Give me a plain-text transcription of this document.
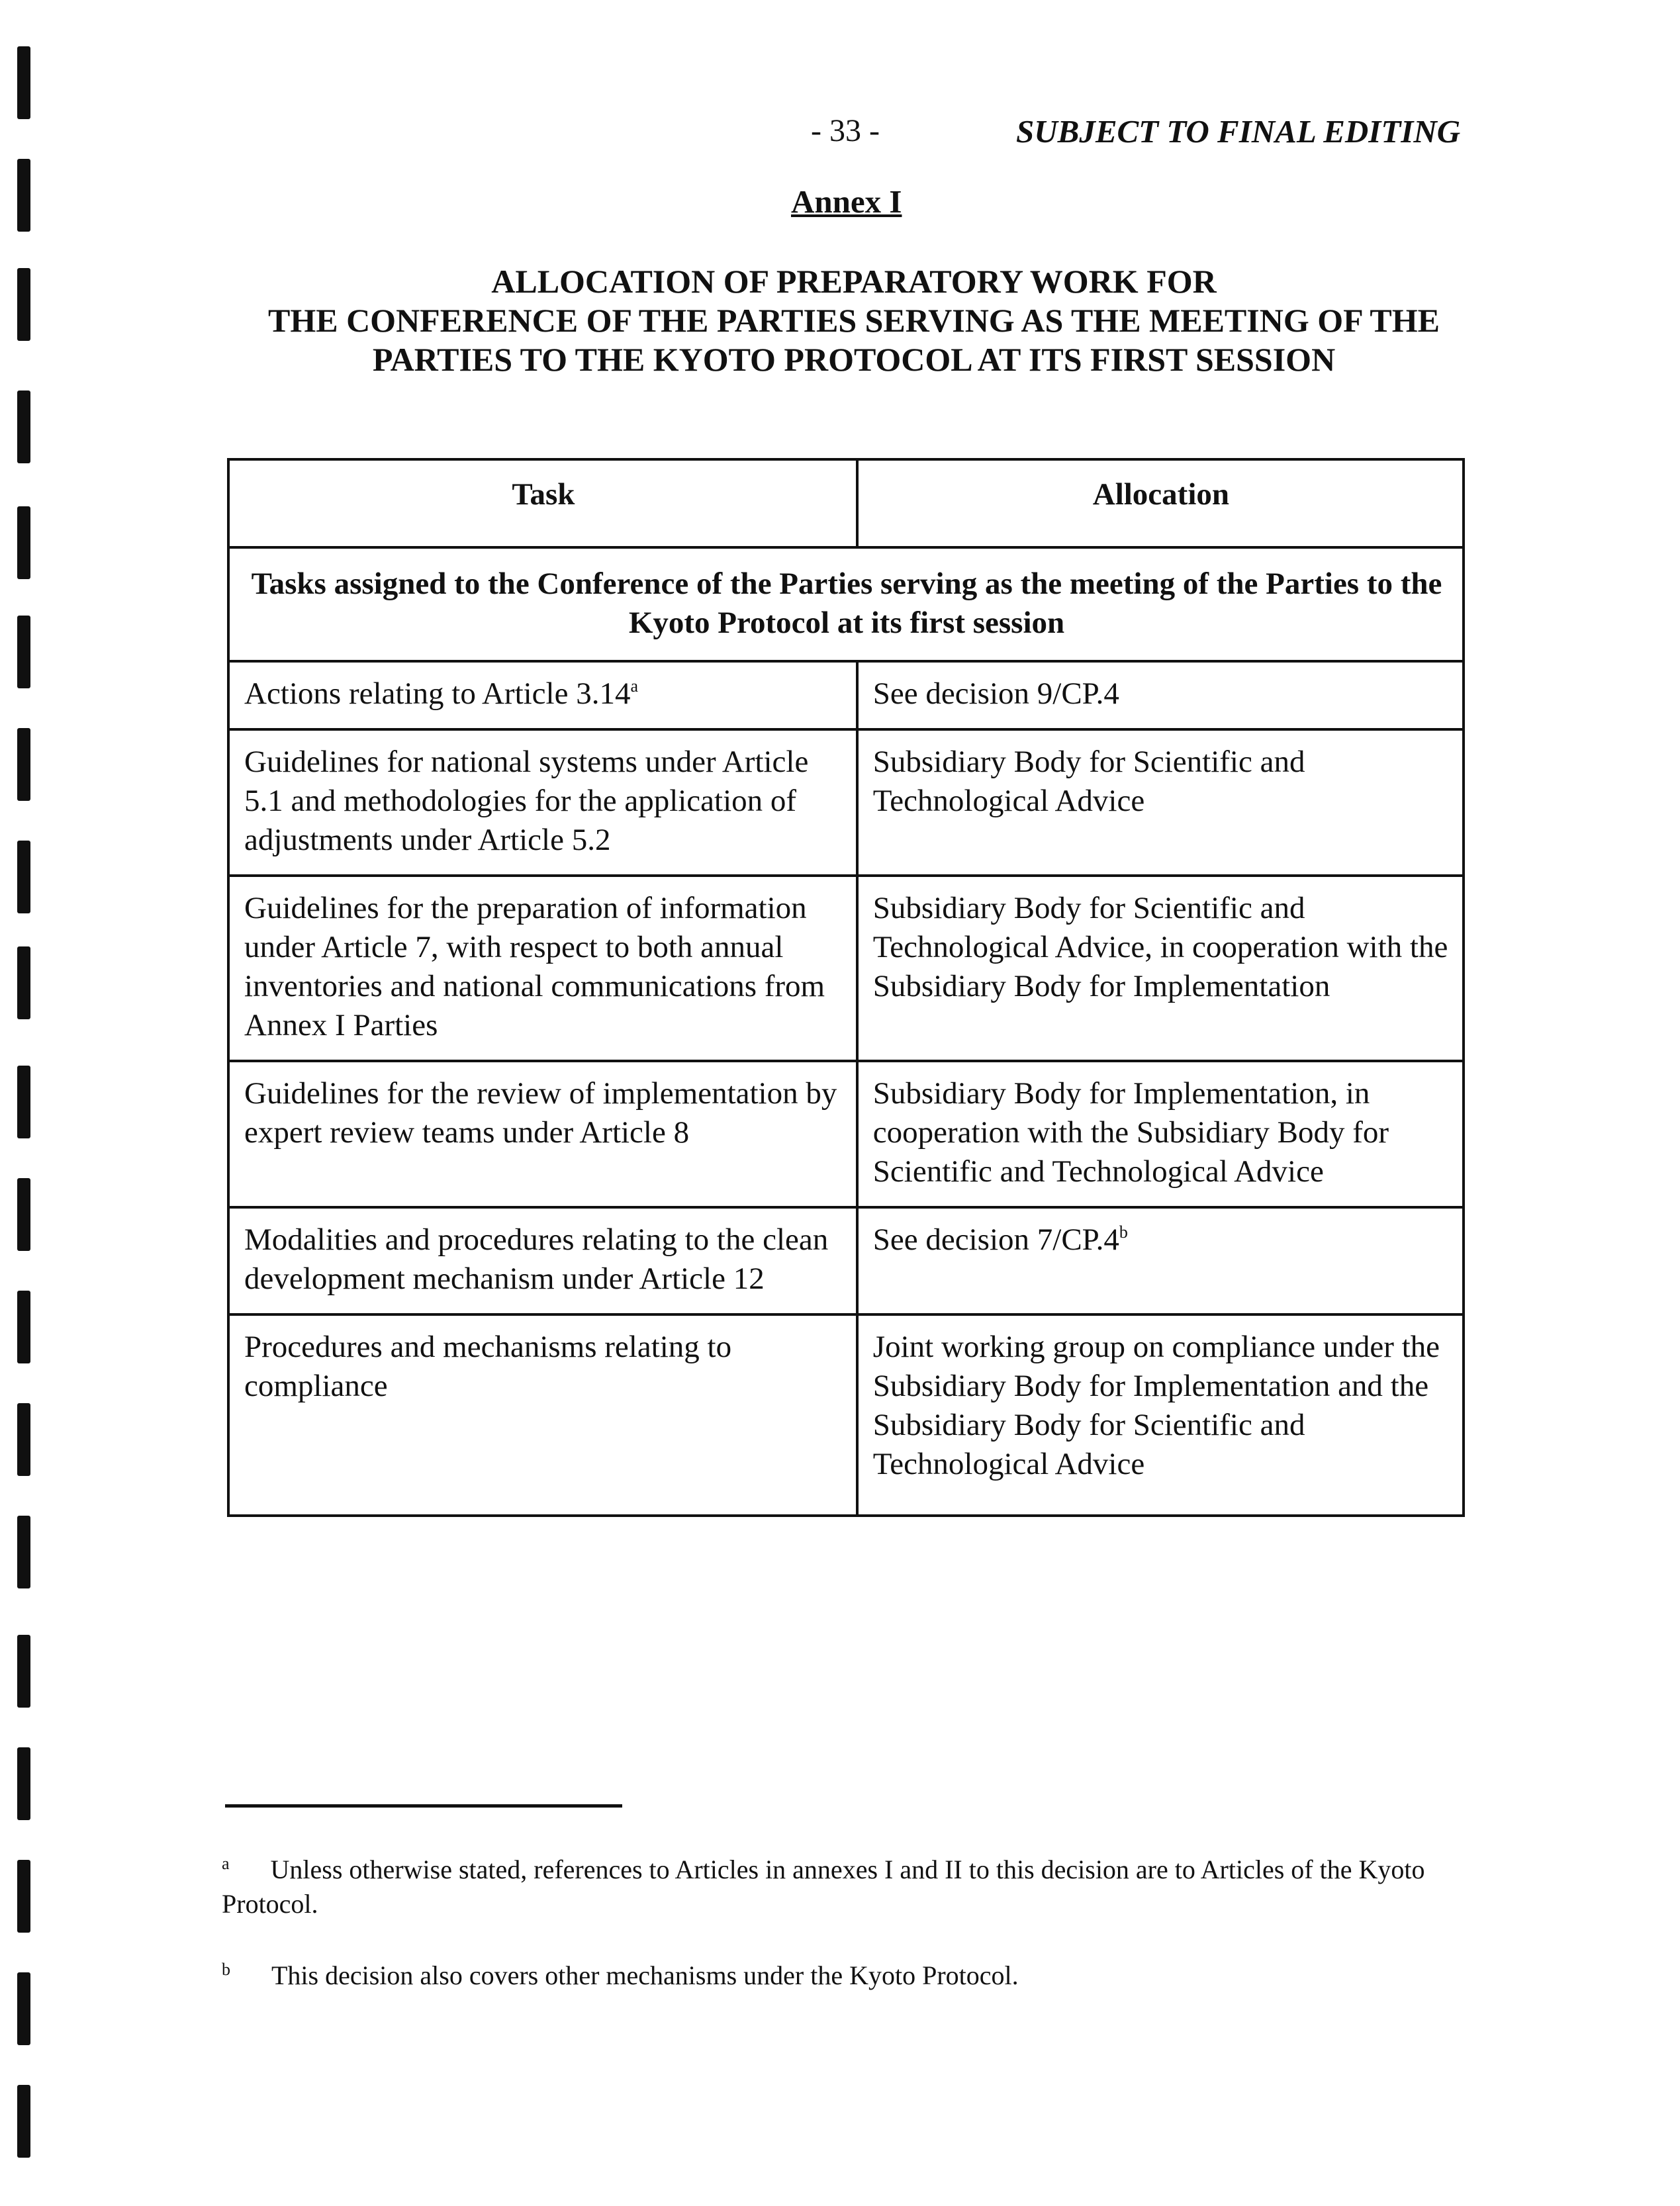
- 33 -	SUBJECT TO FINAL EDITING
Annex I
ALLOCATION OF PREPARATORY WORK FOR
THE CONFERENCE OF THE PARTIES SERVING AS THE MEETING OF THE
PARTIES TO THE KYOTO PROTOCOL AT ITS FIRST SESSION
Task	Allocation
Tasks assigned to the Conference of the Parties serving as the meeting of the Parties to the Kyoto Protocol at its first session	
Actions relating to Article 3.14$^a$	See decision 9/CP.4
Guidelines for national systems under Article 5.1 and methodologies for the application of adjustments under Article 5.2	Subsidiary Body for Scientific and Technological Advice
Guidelines for the preparation of information under Article 7, with respect to both annual inventories and national communications from Annex I Parties	Subsidiary Body for Scientific and Technological Advice, in cooperation with the Subsidiary Body for Implementation
Guidelines for the review of implementation by expert review teams under Article 8	Subsidiary Body for Implementation, in cooperation with the Subsidiary Body for Scientific and Technological Advice
Modalities and procedures relating to the clean development mechanism under Article 12	See decision 7/CP.4$^b$
Procedures and mechanisms relating to compliance	Joint working group on compliance under the Subsidiary Body for Implementation and the Subsidiary Body for Scientific and Technological Advice
$^a$ Unless otherwise stated, references to Articles in annexes I and II to this decision are to Articles of the Kyoto Protocol.
$^b$ This decision also covers other mechanisms under the Kyoto Protocol.
